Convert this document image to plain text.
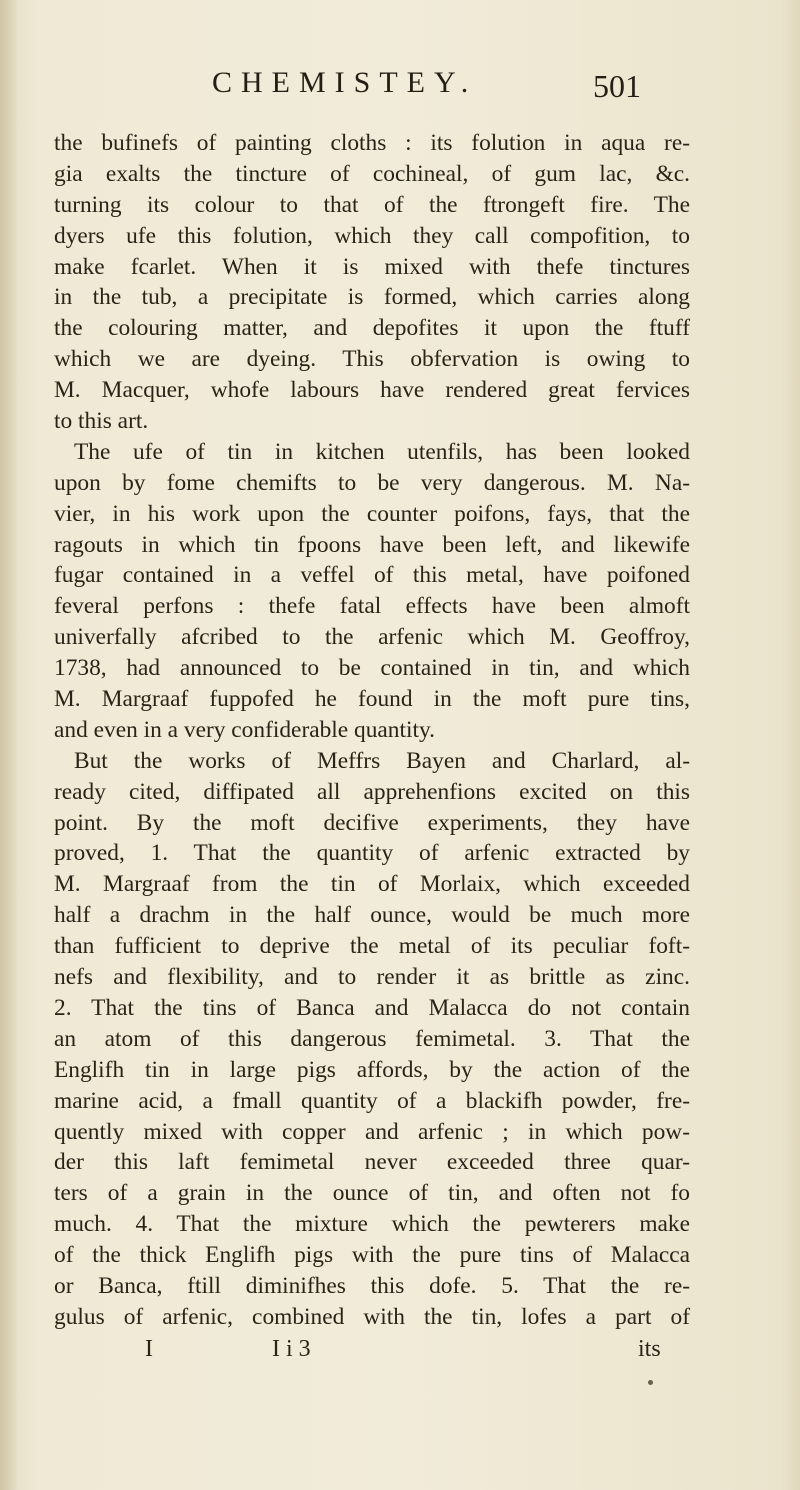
CHEMISTEY.	501
the bufinefs of painting cloths : its folution in aqua re-
gia exalts the tincture of cochineal, of gum lac, &c.
turning its colour to that of the ftrongeft fire. The
dyers ufe this folution, which they call compofition, to
make fcarlet. When it is mixed with thefe tinctures
in the tub, a precipitate is formed, which carries along
the colouring matter, and depofites it upon the ftuff
which we are dyeing. This obfervation is owing to
M. Macquer, whofe labours have rendered great fervices
to this art.
The ufe of tin in kitchen utenfils, has been looked
upon by fome chemifts to be very dangerous. M. Na-
vier, in his work upon the counter poifons, fays, that the
ragouts in which tin fpoons have been left, and likewife
fugar contained in a veffel of this metal, have poifoned
feveral perfons : thefe fatal effects have been almoft
univerfally afcribed to the arfenic which M. Geoffroy,
1738, had announced to be contained in tin, and which
M. Margraaf fuppofed he found in the moft pure tins,
and even in a very confiderable quantity.
But the works of Meffrs Bayen and Charlard, al-
ready cited, diffipated all apprehenfions excited on this
point. By the moft decifive experiments, they have
proved, 1. That the quantity of arfenic extracted by
M. Margraaf from the tin of Morlaix, which exceeded
half a drachm in the half ounce, would be much more
than fufficient to deprive the metal of its peculiar foft-
nefs and flexibility, and to render it as brittle as zinc.
2. That the tins of Banca and Malacca do not contain
an atom of this dangerous femimetal. 3. That the
Englifh tin in large pigs affords, by the action of the
marine acid, a fmall quantity of a blackifh powder, fre-
quently mixed with copper and arfenic ; in which pow-
der this laft femimetal never exceeded three quar-
ters of a grain in the ounce of tin, and often not fo
much. 4. That the mixture which the pewterers make
of the thick Englifh pigs with the pure tins of Malacca
or Banca, ftill diminifhes this dofe. 5. That the re-
gulus of arfenic, combined with the tin, lofes a part of
I	I i 3	its
